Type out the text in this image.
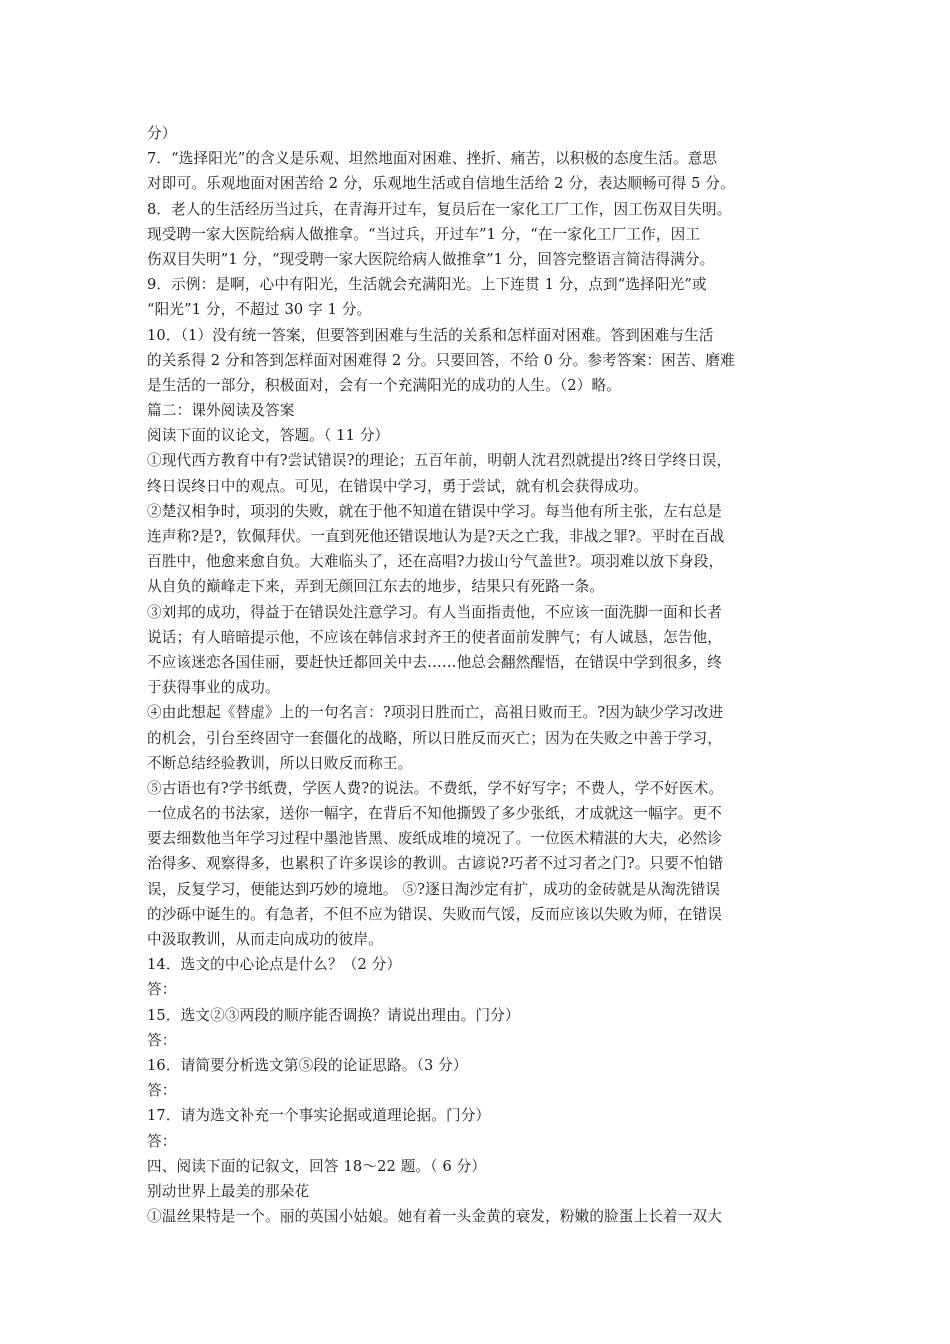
分）
7．“选择阳光”的含义是乐观、坦然地面对困难、挫折、痛苦，以积极的态度生活。意思
对即可。乐观地面对困苦给 2 分，乐观地生活或自信地生活给 2 分，表达顺畅可得 5 分。
8．老人的生活经历当过兵，在青海开过车，复员后在一家化工厂工作，因工伤双目失明。
现受聘一家大医院给病人做推拿。“当过兵，开过车”1 分，“在一家化工厂工作，因工
伤双目失明”1 分，“现受聘一家大医院给病人做推拿”1 分，回答完整语言简洁得满分。
9．示例：是啊，心中有阳光，生活就会充满阳光。上下连贯 1 分，点到“选择阳光”或
“阳光”1 分，不超过 30 字 1 分。
10．（1）没有统一答案，但要答到困难与生活的关系和怎样面对困难。答到困难与生活
的关系得 2 分和答到怎样面对困难得 2 分。只要回答，不给 0 分。参考答案：困苦、磨难
是生活的一部分，积极面对，会有一个充满阳光的成功的人生。（2）略。
篇二：课外阅读及答案
阅读下面的议论文，答题。（ 11 分）
①现代西方教育中有?尝试错误?的理论；五百年前，明朝人沈君烈就提出?终日学终日误，
终日误终日中的观点。可见，在错误中学习，勇于尝试，就有机会获得成功。
②楚汉相争时，项羽的失败，就在于他不知道在错误中学习。每当他有所主张，左右总是
连声称?是?，钦佩拜伏。一直到死他还错误地认为是?天之亡我，非战之罪?。平时在百战
百胜中，他愈来愈自负。大难临头了，还在高唱?力拔山兮气盖世?。项羽难以放下身段，
从自负的巅峰走下来，弄到无颜回江东去的地步，结果只有死路一条。
③刘邦的成功，得益于在错误处注意学习。有人当面指责他，不应该一面洗脚一面和长者
说话；有人暗暗提示他，不应该在韩信求封齐王的使者面前发脾气；有人诚恳，怎告他，
不应该迷恋各国佳丽，要赶快迁都回关中去……他总会翻然醒悟，在错误中学到很多，终
于获得事业的成功。
④由此想起《替虚》上的一句名言：?项羽日胜而亡，高祖日败而王。?因为缺少学习改进
的机会，引台至终固守一套僵化的战略，所以日胜反而灭亡；因为在失败之中善于学习，
不断总结经验教训，所以日败反而称王。
⑤古语也有?学书纸费，学医人费?的说法。不费纸，学不好写字；不费人，学不好医术。
一位成名的书法家，送你一幅字，在背后不知他撕毁了多少张纸，才成就这一幅字。更不
要去细数他当年学习过程中墨池皆黑、废纸成堆的境况了。一位医术精湛的大夫，必然诊
治得多、观察得多，也累积了许多误诊的教训。古谚说?巧者不过习者之门?。只要不怕错
误，反复学习，便能达到巧妙的境地。 ⑤?逐日淘沙定有扩，成功的金砖就是从淘洗错误
的沙砾中诞生的。有急者，不但不应为错误、失败而气馁，反而应该以失败为师，在错误
中汲取教训，从而走向成功的彼岸。
14．选文的中心论点是什么？（2 分）
答：
15．选文②③两段的顺序能否调换？请说出理由。门分）
答：
16．请简要分析选文第⑤段的论证思路。（3 分）
答：
17．请为选文补充一个事实论据或道理论据。门分）
答：
四、阅读下面的记叙文，回答 18～22 题。（ 6 分）
别动世界上最美的那朵花
①温丝果特是一个。丽的英国小姑娘。她有着一头金黄的衰发，粉嫩的脸蛋上长着一双大
